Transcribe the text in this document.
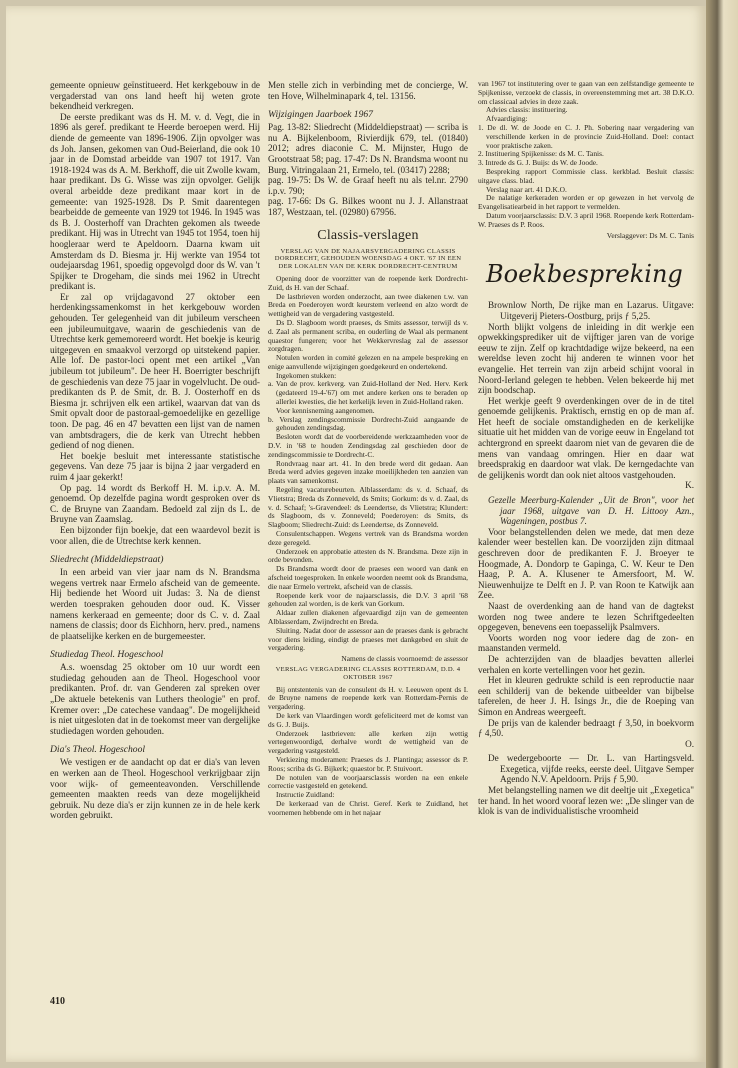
gemeente opnieuw geïnstitueerd. Het kerkgebouw in de vergaderstad van ons land heeft hij weten grote bekendheid verkregen.

De eerste predikant was ds H. M. v. d. Vegt, die in 1896 als geref. predikant te Heerde beroepen werd. Hij diende de gemeente van 1896-1906. Zijn opvolger was ds Joh. Jansen, gekomen van Oud-Beierland, die ook 10 jaar in de Domstad arbeidde van 1907 tot 1917. Van 1918-1924 was ds A. M. Berkhoff, die uit Zwolle kwam, haar predikant. Ds G. Wisse was zijn opvolger. Gelijk overal arbeidde deze predikant maar kort in de gemeente: van 1925-1928. Ds P. Smit daarentegen bearbeidde de gemeente van 1929 tot 1946. In 1945 was ds B. J. Oosterhoff van Drachten gekomen als tweede predikant. Hij was in Utrecht van 1945 tot 1954, toen hij hoogleraar werd te Apeldoorn. Daarna kwam uit Amsterdam ds D. Biesma jr. Hij werkte van 1954 tot oudejaarsdag 1961, spoedig opgevolgd door ds W. van 't Spijker te Drogeham, die sinds mei 1962 in Utrecht predikant is.

Er zal op vrijdagavond 27 oktober een herdenkingssamenkomst in het kerkgebouw worden gehouden. Ter gelegenheid van dit jubileum verscheen een jubileumuitgave, waarin de geschiedenis van de Utrechtse kerk gememoreerd wordt. Het boekje is keurig uitgegeven en smaakvol verzorgd op uitstekend papier. Alle lof. De pastor-loci opent met een artikel „Van jubileum tot jubileum". De heer H. Boerrigter beschrijft de geschiedenis van deze 75 jaar in vogelvlucht. De oud-predikanten ds P. de Smit, dr. B. J. Oosterhoff en ds Biesma jr. schrijven elk een artikel, waarvan dat van ds Smit opvalt door de pastoraal-gemoedelijke en gezellige toon. De pag. 46 en 47 bevatten een lijst van de namen van ambtsdragers, die de kerk van Utrecht hebben gediend of nog dienen.

Het boekje besluit met interessante statistische gegevens. Van deze 75 jaar is bijna 2 jaar vergaderd en ruim 4 jaar gekerkt!

Op pag. 14 wordt ds Berkoff H. M. i.p.v. A. M. genoemd. Op dezelfde pagina wordt gesproken over ds C. de Bruyne van Zaandam. Bedoeld zal zijn ds L. de Bruyne van Zaamslag.

Een bijzonder fijn boekje, dat een waardevol bezit is voor allen, die de Utrechtse kerk kennen.

Sliedrecht (Middeldiepstraat)

In een arbeid van vier jaar nam ds N. Brandsma wegens vertrek naar Ermelo afscheid van de gemeente. Hij bediende het Woord uit Judas: 3. Na de dienst werden toespraken gehouden door oud. K. Visser namens kerkeraad en gemeente; door ds C. v. d. Zaal namens de classis; door ds Eichhorn, herv. pred., namens de plaatselijke kerken en de burgemeester.

Studiedag Theol. Hogeschool

A.s. woensdag 25 oktober om 10 uur wordt een studiedag gehouden aan de Theol. Hogeschool voor predikanten. Prof. dr. van Genderen zal spreken over „De aktuele betekenis van Luthers theologie" en prof. Kremer over: „De catechese vandaag". De mogelijkheid is niet uitgesloten dat in de toekomst meer van dergelijke studiedagen worden gehouden.

Dia's Theol. Hogeschool

We vestigen er de aandacht op dat er dia's van leven en werken aan de Theol. Hogeschool verkrijgbaar zijn voor wijk- of gemeenteavonden. Verschillende gemeenten maakten reeds van deze mogelijkheid gebruik. Nu deze dia's er zijn kunnen ze in de hele kerk worden gebruikt.

Men stelle zich in verbinding met de concierge, W. ten Hove, Wilhelminapark 4, tel. 13156.

Wijzigingen Jaarboek 1967

Pag. 13-82: Sliedrecht (Middeldiepstraat) — scriba is nu A. Bijkelenboom, Rivierdijk 679, tel. (01840) 2012; adres diaconie C. M. Mijnster, Hugo de Grootstraat 58; pag. 17-47: Ds N. Brandsma woont nu Burg. Vitringalaan 21, Ermelo, tel. (03417) 2288;

pag. 19-75: Ds W. de Graaf heeft nu als tel.nr. 2790 i.p.v. 790;

pag. 17-66: Ds G. Bilkes woont nu J. J. Allanstraat 187, Westzaan, tel. (02980) 67956.

Classis-verslagen
VERSLAG VAN DE NAJAARSVERGADERING CLASSIS DORDRECHT, GEHOUDEN WOENSDAG 4 OKT. '67 IN EEN DER LOKALEN VAN DE KERK DORDRECHT-CENTRUM

Opening door de voorzitter van de roepende kerk Dordrecht-Zuid, ds H. van der Schaaf.

De lastbrieven worden onderzocht, aan twee diakenen t.w. van Breda en Poederoyen wordt keurstem verleend en alzo wordt de wettigheid van de vergadering vastgesteld.

Ds D. Slagboom wordt praeses, ds Smits assessor, terwijl ds v. d. Zaal als permanent scriba, en ouderling de Waal als permanent quaestor fungeren; voor het Wekkervreslag zal de assessor zorgdragen.

Notulen worden in comité gelezen en na ampele bespreking en enige aanvullende wijzigingen goedgekeurd en ondertekend.

Ingekomen stukken:

a. Van de prov. kerkverg. van Zuid-Holland der Ned. Herv. Kerk (gedateerd 19-4-'67) om met andere kerken ons te beraden op allerlei kwesties, die het kerkelijk leven in Zuid-Holland raken.

Voor kennisneming aangenomen.

b. Verslag zendingscommissie Dordrecht-Zuid aangaande de gehouden zendingsdag.

Besloten wordt dat de voorbereidende werkzaamheden voor de D.V. in '68 te houden Zendingsdag zal geschieden door de zendingscommissie te Dordrecht-C.

Rondvraag naar art. 41. In den brede werd dit gedaan. Aan Breda werd advies gegeven inzake moeilijkheden ten aanzien van plaats van samenkomst.

Regeling vacaturebeurten. Alblasserdam: ds v. d. Schaaf, ds Vlietstra; Breda ds Zonneveld, ds Smits; Gorkum: ds v. d. Zaal, ds v. d. Schaaf; 's-Gravendeel: ds Leendertse, ds Vlietstra; Klundert: ds Slagboom, ds v. Zonneveld; Poederoyen: ds Smits, ds Slagboom; Sliedrecht-Zuid: ds Leendertse, ds Zonneveld.

Consulentschappen. Wegens vertrek van ds Brandsma worden deze geregeld.

Onderzoek en approbatie attesten ds N. Brandsma. Deze zijn in orde bevonden.

Ds Brandsma wordt door de praeses een woord van dank en afscheid toegesproken. In enkele woorden neemt ook ds Brandsma, die naar Ermelo vertrekt, afscheid van de classis.

Roepende kerk voor de najaarsclassis, die D.V. 3 april '68 gehouden zal worden, is de kerk van Gorkum.

Aldaar zullen diakenen afgevaardigd zijn van de gemeenten Alblasserdam, Zwijndrecht en Breda.

Sluiting. Nadat door de assessor aan de praeses dank is gebracht voor diens leiding, eindigt de praeses met dankgebed en sluit de vergadering.

Namens de classis voornoemd: de assessor
VERSLAG VERGADERING CLASSIS ROTTERDAM, D.D. 4 OKTOBER 1967

Bij ontstentenis van de consulent ds H. v. Leeuwen opent ds I. de Bruyne namens de roepende kerk van Rotterdam-Pernis de vergadering.

De kerk van Vlaardingen wordt gefeliciteerd met de komst van ds G. J. Buijs.

Onderzoek lastbrieven: alle kerken zijn wettig vertegenwoordigd, derhalve wordt de wettigheid van de vergadering vastgesteld.

Verkiezing moderamen: Praeses ds J. Plantinga; assessor ds P. Roos; scriba ds G. Bijkerk; quaestor br. P. Stuivoort.

De notulen van de voorjaarsclassis worden na een enkele correctie vastgesteld en getekend.

Instructie Zuidland:

De kerkeraad van de Christ. Geref. Kerk te Zuidland, het voornemen hebbende om in het najaar

van 1967 tot institutering over te gaan van een zelfstandige gemeente te Spijkenisse, verzoekt de classis, in overeenstemming met art. 38 D.K.O. om classicaal advies in deze zaak.

Advies classis: instituering.

Afvaardiging:

1. De dl. W. de Joode en C. J. Ph. Sobering naar vergadering van verschillende kerken in de provincie Zuid-Holland. Doel: contact voor praktische zaken.

2. Instituering Spijkenisse: ds M. C. Tanis.

3. Intrede ds G. J. Buijs: ds W. de Joode.

Bespreking rapport Commissie class. kerkblad. Besluit classis: uitgave class. blad.

Verslag naar art. 41 D.K.O.

De nalatige kerkeraden worden er op gewezen in het vervolg de Evangelisatiearbeid in het rapport te vermelden.

Datum voorjaarsclassis: D.V. 3 april 1968. Roepende kerk Rotterdam-W. Praeses ds P. Roos.

Verslaggever: Ds M. C. Tanis
Boekbespreking

Brownlow North, De rijke man en Lazarus. Uitgave: Uitgeverij Pieters-Oostburg, prijs ƒ 5,25.

North blijkt volgens de inleiding in dit werkje een opwekkingsprediker uit de vijftiger jaren van de vorige eeuw te zijn. Zelf op krachtdadige wijze bekeerd, na een wereldse leven zocht hij anderen te winnen voor het evangelie. Het terrein van zijn arbeid schijnt vooral in Noord-Ierland gelegen te hebben. Velen bekeerde hij met zijn boodschap.

Het werkje geeft 9 overdenkingen over de in de titel genoemde gelijkenis. Praktisch, ernstig en op de man af. Het heeft de sociale omstandigheden en de kerkelijke situatie uit het midden van de vorige eeuw in Engeland tot achtergrond en spreekt daarom niet van de gevaren die de mens van vandaag omringen. Hier en daar wat breedsprakig en daardoor wat vlak. De kerngedachte van de gelijkenis wordt dan ook niet altoos vastgehouden.

K.

Gezelle Meerburg-Kalender „Uit de Bron", voor het jaar 1968, uitgave van D. H. Littooy Azn., Wageningen, postbus 7.

Voor belangstellenden delen we mede, dat men deze kalender weer bestellen kan. De voorzijden zijn ditmaal geschreven door de predikanten F. J. Broeyer te Hoogmade, A. Dondorp te Gapinga, C. W. Keur te Den Haag, P. A. A. Klusener te Amersfoort, M. W. Nieuwenhuijze te Delft en J. P. van Roon te Katwijk aan Zee.

Naast de overdenking aan de hand van de dagtekst worden nog twee andere te lezen Schriftgedeelten opgegeven, benevens een toepasselijk Psalmvers.

Voorts worden nog voor iedere dag de zon- en maanstanden vermeld.

De achterzijden van de blaadjes bevatten allerlei verhalen en korte vertellingen voor het gezin.

Het in kleuren gedrukte schild is een reproductie naar een schilderij van de bekende uitbeelder van bijbelse taferelen, de heer J. H. Isings Jr., die de Roeping van Simon en Andreas weergeeft.

De prijs van de kalender bedraagt ƒ 3,50, in boekvorm ƒ 4,50.

O.

De wedergeboorte — Dr. L. van Hartingsveld. Exegetica, vijfde reeks, eerste deel. Uitgave Semper Agendo N.V. Apeldoorn. Prijs ƒ 5,90.

Met belangstelling namen we dit deeltje uit „Exegetica" ter hand. In het woord vooraf lezen we: „De slinger van de klok is van de individualistische vroomheid

410
